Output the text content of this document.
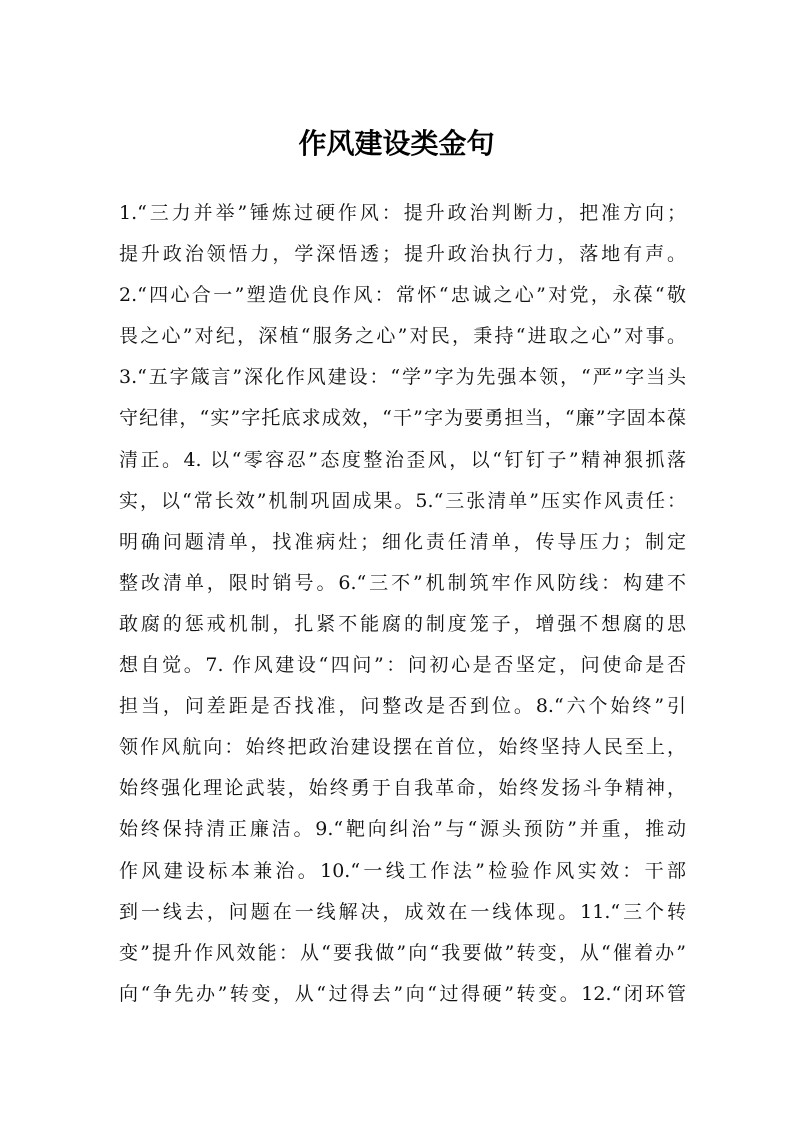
作风建设类金句
1.“三力并举”锤炼过硬作风：提升政治判断力，把准方向；
提升政治领悟力，学深悟透；提升政治执行力，落地有声。
2.“四心合一”塑造优良作风：常怀“忠诚之心”对党，永葆“敬
畏之心”对纪，深植“服务之心”对民，秉持“进取之心”对事。
3.“五字箴言”深化作风建设：“学”字为先强本领，“严”字当头
守纪律，“实”字托底求成效，“干”字为要勇担当，“廉”字固本葆
清正。4. 以“零容忍”态度整治歪风，以“钉钉子”精神狠抓落
实，以“常长效”机制巩固成果。5.“三张清单”压实作风责任：
明确问题清单，找准病灶；细化责任清单，传导压力；制定
整改清单，限时销号。6.“三不”机制筑牢作风防线：构建不
敢腐的惩戒机制，扎紧不能腐的制度笼子，增强不想腐的思
想自觉。7. 作风建设“四问”：问初心是否坚定，问使命是否
担当，问差距是否找准，问整改是否到位。8.“六个始终”引
领作风航向：始终把政治建设摆在首位，始终坚持人民至上，
始终强化理论武装，始终勇于自我革命，始终发扬斗争精神，
始终保持清正廉洁。9.“靶向纠治”与“源头预防”并重，推动
作风建设标本兼治。10.“一线工作法”检验作风实效：干部
到一线去，问题在一线解决，成效在一线体现。11.“三个转
变”提升作风效能：从“要我做”向“我要做”转变，从“催着办”
向“争先办”转变，从“过得去”向“过得硬”转变。12.“闭环管
